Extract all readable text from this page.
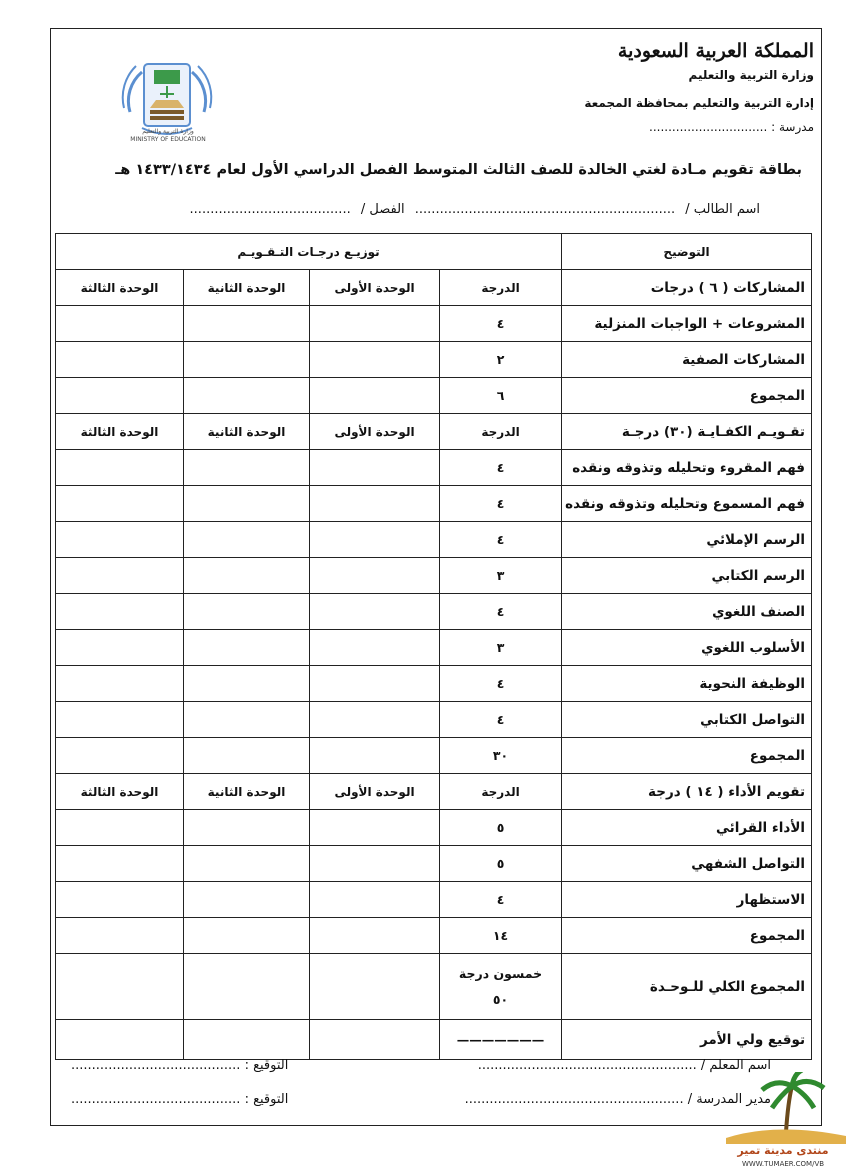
المملكة العربية السعودية
وزارة التربية والتعليم
إدارة التربية والتعليم بمحافظة المجمعة
مدرسة : ...............................
وزارة التربية والتعليم
MINISTRY OF EDUCATION
بطاقة تقويم مـادة لغتي الخالدة للصف الثالث المتوسط الفصل الدراسي الأول لعام ١٤٣٣/١٤٣٤ هـ
اسم الطالب / ............................................................... الفصل / .......................................
التوضيح	توزيـع درجـات التـقـويـم			
المشاركات ( ٦ ) درجات	الدرجة	الوحدة الأولى	الوحدة الثانية	الوحدة الثالثة
المشروعات + الواجبات المنزلية	٤			
المشاركات الصفية	٢			
المجموع	٦			
تقـويـم الكفـايـة (٣٠) درجـة	الدرجة	الوحدة الأولى	الوحدة الثانية	الوحدة الثالثة
فهم المقروء وتحليله وتذوقه ونقده	٤			
فهم المسموع وتحليله وتذوقه ونقده	٤			
الرسم الإملائي	٤			
الرسم الكتابي	٣			
الصنف اللغوي	٤			
الأسلوب اللغوي	٣			
الوظيفة النحوية	٤			
التواصل الكتابي	٤			
المجموع	٣٠			
تقويم الأداء ( ١٤ ) درجة	الدرجة	الوحدة الأولى	الوحدة الثانية	الوحدة الثالثة
الأداء القرائي	٥			
التواصل الشفهي	٥			
الاستظهار	٤			
المجموع	١٤			
المجموع الكلي للـوحـدة	خمسون درجة
٥٠			

توقيع ولي الأمر	———————			
اسم المعلم / .....................................................
التوقيع : .........................................
مدير المدرسة / .....................................................
التوقيع : .........................................
منتدى مدينة تمير
WWW.TUMAER.COM/VB
